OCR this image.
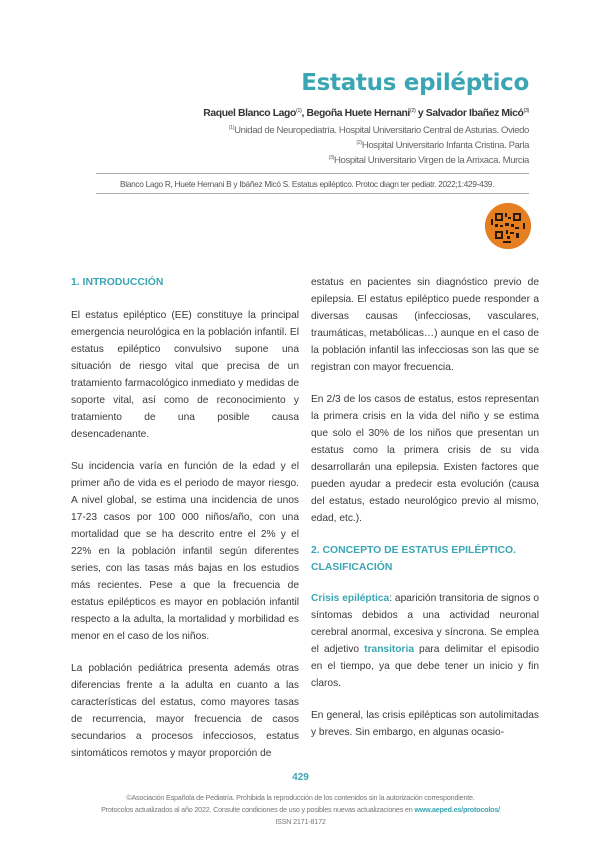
Estatus epiléptico
Raquel Blanco Lago$^{(1)}$, Begoña Huete Hernani$^{(2)}$ y Salvador Ibañez Micó$^{(3)}$
$^{(1)}$Unidad de Neuropediatría. Hospital Universitario Central de Asturias. Oviedo
$^{(2)}$Hospital Universitario Infanta Cristina. Parla
$^{(3)}$Hospital Universitario Virgen de la Arrixaca. Murcia
Blanco Lago R, Huete Hernani B y Ibáñez Micó S. Estatus epiléptico. Protoc diagn ter pediatr. 2022;1:429-439.
1. INTRODUCCIÓN

El estatus epiléptico (EE) constituye la principal emergencia neurológica en la población infantil. El estatus epiléptico convulsivo supone una situación de riesgo vital que precisa de un tratamiento farmacológico inmediato y medidas de soporte vital, así como de reconocimiento y tratamiento de una posible causa desencadenante.

Su incidencia varía en función de la edad y el primer año de vida es el periodo de mayor riesgo. A nivel global, se estima una incidencia de unos 17-23 casos por 100 000 niños/año, con una mortalidad que se ha descrito entre el 2% y el 22% en la población infantil según diferentes series, con las tasas más bajas en los estudios más recientes. Pese a que la frecuencia de estatus epilépticos es mayor en población infantil respecto a la adulta, la mortalidad y morbilidad es menor en el caso de los niños.

La población pediátrica presenta además otras diferencias frente a la adulta en cuanto a las características del estatus, como mayores tasas de recurrencia, mayor frecuencia de casos secundarios a procesos infecciosos, estatus sintomáticos remotos y mayor proporción de

estatus en pacientes sin diagnóstico previo de epilepsia. El estatus epiléptico puede responder a diversas causas (infecciosas, vasculares, traumáticas, metabólicas…) aunque en el caso de la población infantil las infecciosas son las que se registran con mayor frecuencia.

En 2/3 de los casos de estatus, estos representan la primera crisis en la vida del niño y se estima que solo el 30% de los niños que presentan un estatus como la primera crisis de su vida desarrollarán una epilepsia. Existen factores que pueden ayudar a predecir esta evolución (causa del estatus, estado neurológico previo al mismo, edad, etc.).

2. CONCEPTO DE ESTATUS EPILÉPTICO.
CLASIFICACIÓN

Crisis epiléptica: aparición transitoria de signos o síntomas debidos a una actividad neuronal cerebral anormal, excesiva y síncrona. Se emplea el adjetivo transitoria para delimitar el episodio en el tiempo, ya que debe tener un inicio y fin claros.

En general, las crisis epilépticas son autolimitadas y breves. Sin embargo, en algunas ocasio-

429
©Asociación Española de Pediatría. Prohibida la reproducción de los contenidos sin la autorización correspondiente.
Protocolos actualizados al año 2022. Consulte condiciones de uso y posibles nuevas actualizaciones en www.aeped.es/protocolos/
ISSN 2171-8172
